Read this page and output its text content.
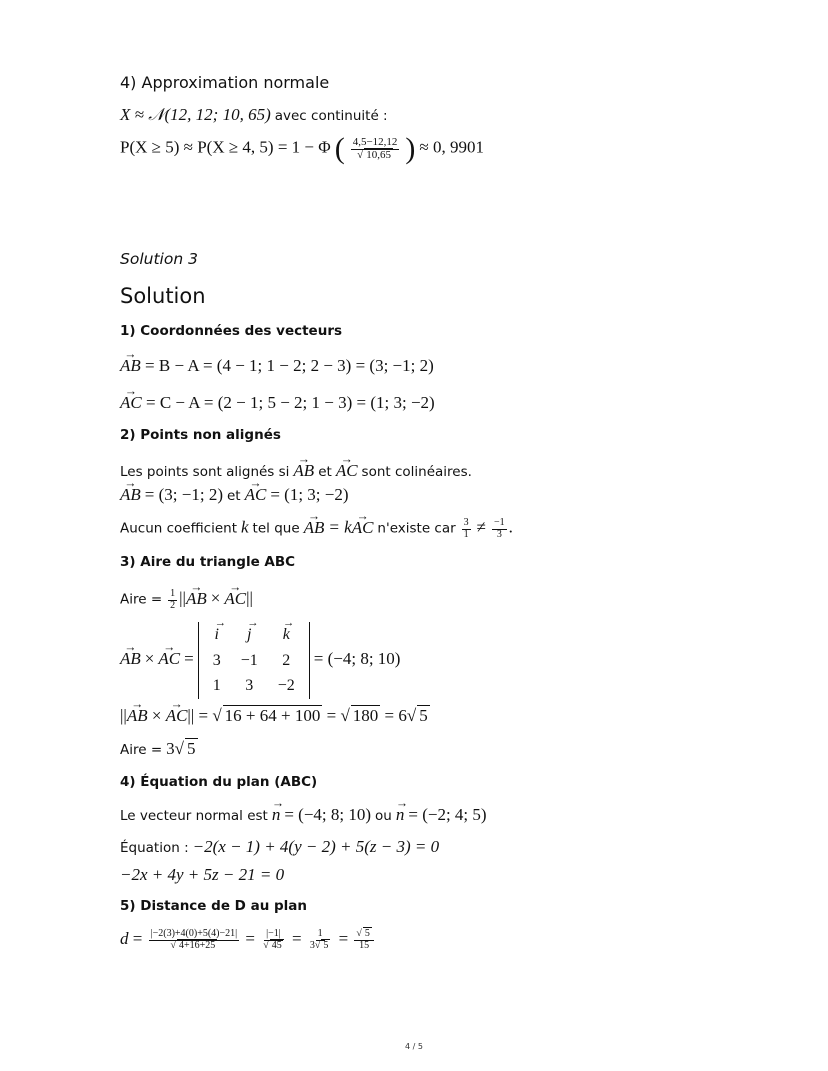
4) Approximation normale
X ≈ 𝒩(12, 12; 10, 65) avec continuité :
P(X ≥ 5) ≈ P(X ≥ 4, 5) = 1 − Φ ( $\frac{4,5-12,12}{√ 10,65}$ ) ≈ 0, 9901
Solution 3
Solution
1) Coordonnées des vecteurs
→ AB = B − A = (4 − 1; 1 − 2; 2 − 3) = (3; −1; 2)
→ AC = C − A = (2 − 1; 5 − 2; 1 − 3) = (1; 3; −2)
2) Points non alignés
Les points sont alignés si → AB et → AC sont colinéaires.
→ AB = (3; −1; 2) et → AC = (1; 3; −2)
Aucun coefficient k tel que → AB = k→ AC n'existe car $\frac{3}{1} \ne \frac{-1}{3}$ .
3) Aire du triangle ABC
Aire = $\frac{1}{2}$ ||→ AB × → AC||
→ AB × → AC =
→ i	→ j	→ k
3	−1	2
1	3	−2
= (−4; 8; 10)
||→ AB × → AC|| = √ 16 + 64 + 100 = √ 180 = 6√ 5
Aire = 3√ 5
4) Équation du plan (ABC)
Le vecteur normal est → n = (−4; 8; 10) ou → n = (−2; 4; 5)
Équation : −2(x − 1) + 4(y − 2) + 5(z − 3) = 0
−2x + 4y + 5z − 21 = 0
5) Distance de D au plan
$d = \frac{|-2(3)+4(0)+5(4)-21|}{√ 4+16+25} = \frac{|-1|}{√ 45} = \frac{1}{3√ 5} = \frac{√ 5}{15}$
4 / 5
